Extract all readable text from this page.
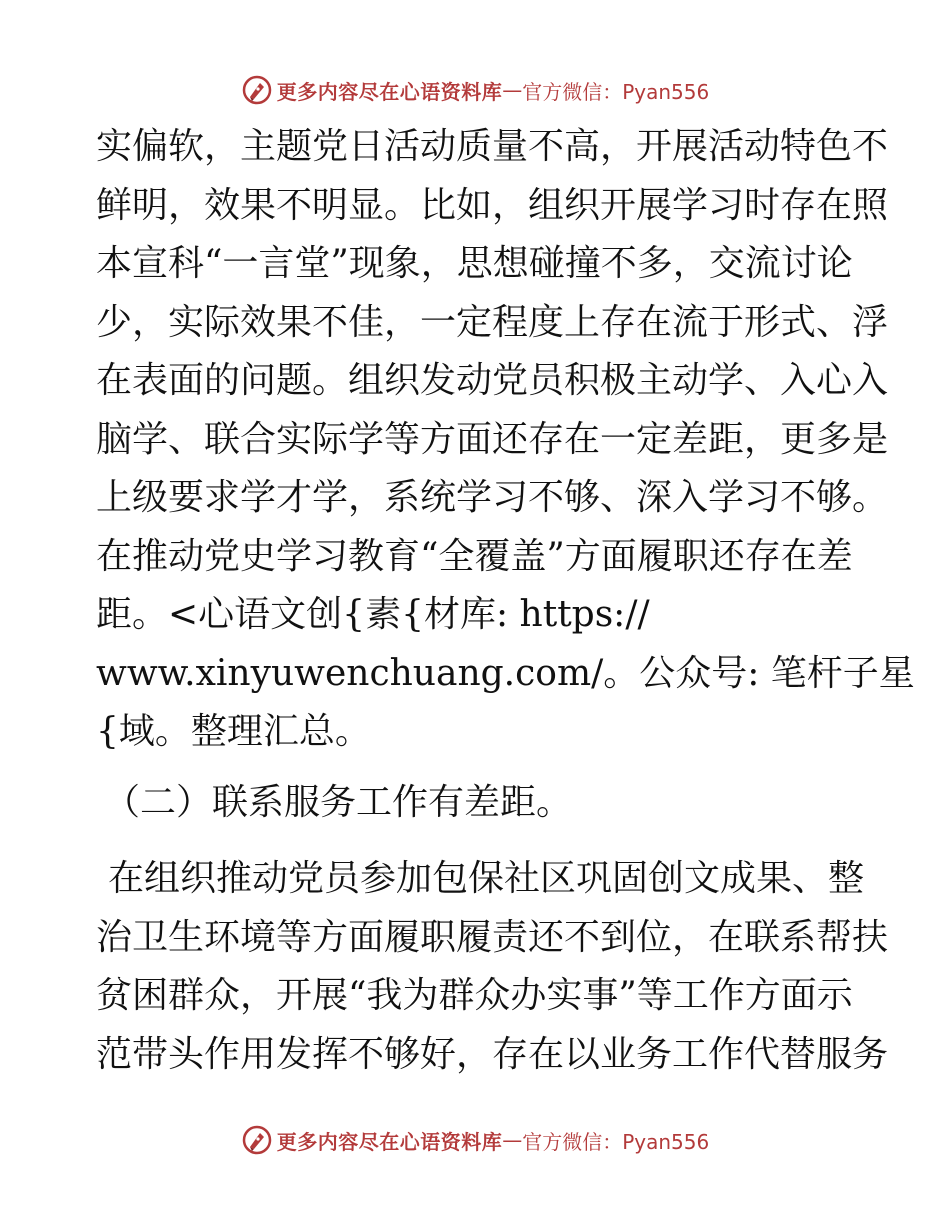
更多内容尽在心语资料库 — 官方微信：Pyan556
实偏软，主题党日活动质量不高，开展活动特色不
鲜明，效果不明显。比如，组织开展学习时存在照
本宣科“一言堂”现象，思想碰撞不多，交流讨论
少，实际效果不佳，一定程度上存在流于形式、浮
在表面的问题。组织发动党员积极主动学、入心入
脑学、联合实际学等方面还存在一定差距，更多是
上级要求学才学，系统学习不够、深入学习不够。
在推动党史学习教育“全覆盖”方面履职还存在差
距。<心语文创{素{材库: https://
www.xinyuwenchuang.com/。公众号: 笔杆子星
{域。整理汇总。
（二）联系服务工作有差距。
在组织推动党员参加包保社区巩固创文成果、整
治卫生环境等方面履职履责还不到位，在联系帮扶
贫困群众，开展“我为群众办实事”等工作方面示
范带头作用发挥不够好，存在以业务工作代替服务
更多内容尽在心语资料库 — 官方微信：Pyan556
